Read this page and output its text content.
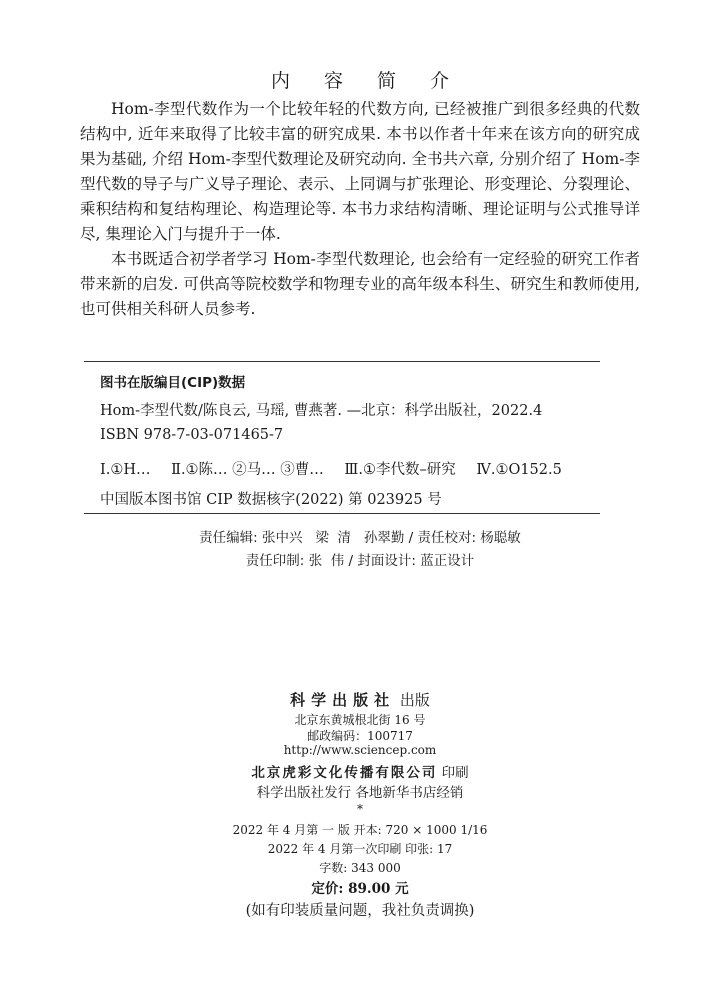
内 容 简 介

Hom-李型代数作为一个比较年轻的代数方向, 已经被推广到很多经典的代数结构中, 近年来取得了比较丰富的研究成果. 本书以作者十年来在该方向的研究成果为基础, 介绍 Hom-李型代数理论及研究动向. 全书共六章, 分别介绍了 Hom-李型代数的导子与广义导子理论、表示、上同调与扩张理论、形变理论、分裂理论、乘积结构和复结构理论、构造理论等. 本书力求结构清晰、理论证明与公式推导详尽, 集理论入门与提升于一体.

本书既适合初学者学习 Hom-李型代数理论, 也会给有一定经验的研究工作者带来新的启发. 可供高等院校数学和物理专业的高年级本科生、研究生和教师使用, 也可供相关科研人员参考.

图书在版编目(CIP)数据
Hom-李型代数/陈良云, 马瑶, 曹燕著. —北京：科学出版社，2022.4
ISBN 978-7-03-071465-7
Ⅰ.①H… Ⅱ.①陈… ②马… ③曹… Ⅲ.①李代数–研究 Ⅳ.①O152.5
中国版本图书馆 CIP 数据核字(2022) 第 023925 号
责任编辑: 张中兴   梁  清   孙翠勤 / 责任校对: 杨聪敏
责任印制: 张  伟 / 封面设计: 蓝正设计
科学出版社 出版
北京东黄城根北街 16 号
邮政编码：100717
http://www.sciencep.com
北京虎彩文化传播有限公司 印刷
科学出版社发行 各地新华书店经销
*
2022 年 4 月第 一 版 开本: 720 × 1000 1/16
2022 年 4 月第一次印刷 印张: 17
字数: 343 000
定价: 89.00 元
(如有印装质量问题，我社负责调换)
